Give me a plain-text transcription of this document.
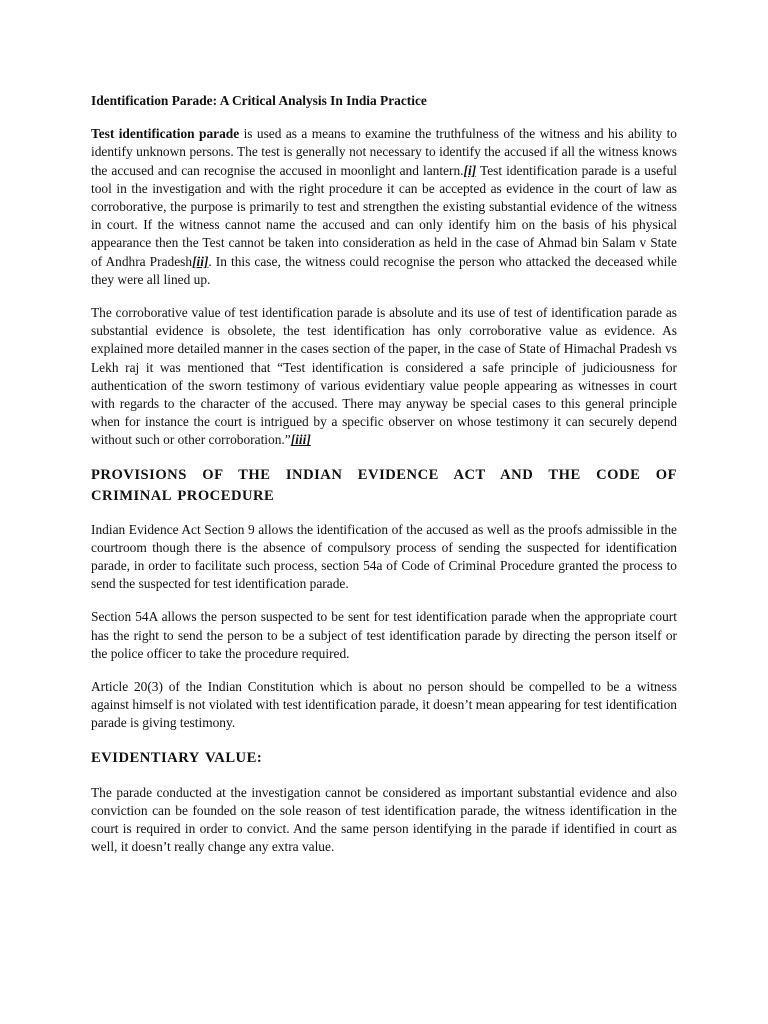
Identification Parade: A Critical Analysis In India Practice

Test identification parade is used as a means to examine the truthfulness of the witness and his ability to identify unknown persons. The test is generally not necessary to identify the accused if all the witness knows the accused and can recognise the accused in moonlight and lantern.[i] Test identification parade is a useful tool in the investigation and with the right procedure it can be accepted as evidence in the court of law as corroborative, the purpose is primarily to test and strengthen the existing substantial evidence of the witness in court. If the witness cannot name the accused and can only identify him on the basis of his physical appearance then the Test cannot be taken into consideration as held in the case of Ahmad bin Salam v State of Andhra Pradesh[ii]. In this case, the witness could recognise the person who attacked the deceased while they were all lined up.

The corroborative value of test identification parade is absolute and its use of test of identification parade as substantial evidence is obsolete, the test identification has only corroborative value as evidence. As explained more detailed manner in the cases section of the paper, in the case of State of Himachal Pradesh vs Lekh raj it was mentioned that “Test identification is considered a safe principle of judiciousness for authentication of the sworn testimony of various evidentiary value people appearing as witnesses in court with regards to the character of the accused. There may anyway be special cases to this general principle when for instance the court is intrigued by a specific observer on whose testimony it can securely depend without such or other corroboration.”[iii]

PROVISIONS OF THE INDIAN EVIDENCE ACT AND THE CODE OF CRIMINAL PROCEDURE

Indian Evidence Act Section 9 allows the identification of the accused as well as the proofs admissible in the courtroom though there is the absence of compulsory process of sending the suspected for identification parade, in order to facilitate such process, section 54a of Code of Criminal Procedure granted the process to send the suspected for test identification parade.

Section 54A allows the person suspected to be sent for test identification parade when the appropriate court has the right to send the person to be a subject of test identification parade by directing the person itself or the police officer to take the procedure required.

Article 20(3) of the Indian Constitution which is about no person should be compelled to be a witness against himself is not violated with test identification parade, it doesn’t mean appearing for test identification parade is giving testimony.

EVIDENTIARY VALUE:

The parade conducted at the investigation cannot be considered as important substantial evidence and also conviction can be founded on the sole reason of test identification parade, the witness identification in the court is required in order to convict. And the same person identifying in the parade if identified in court as well, it doesn’t really change any extra value.
